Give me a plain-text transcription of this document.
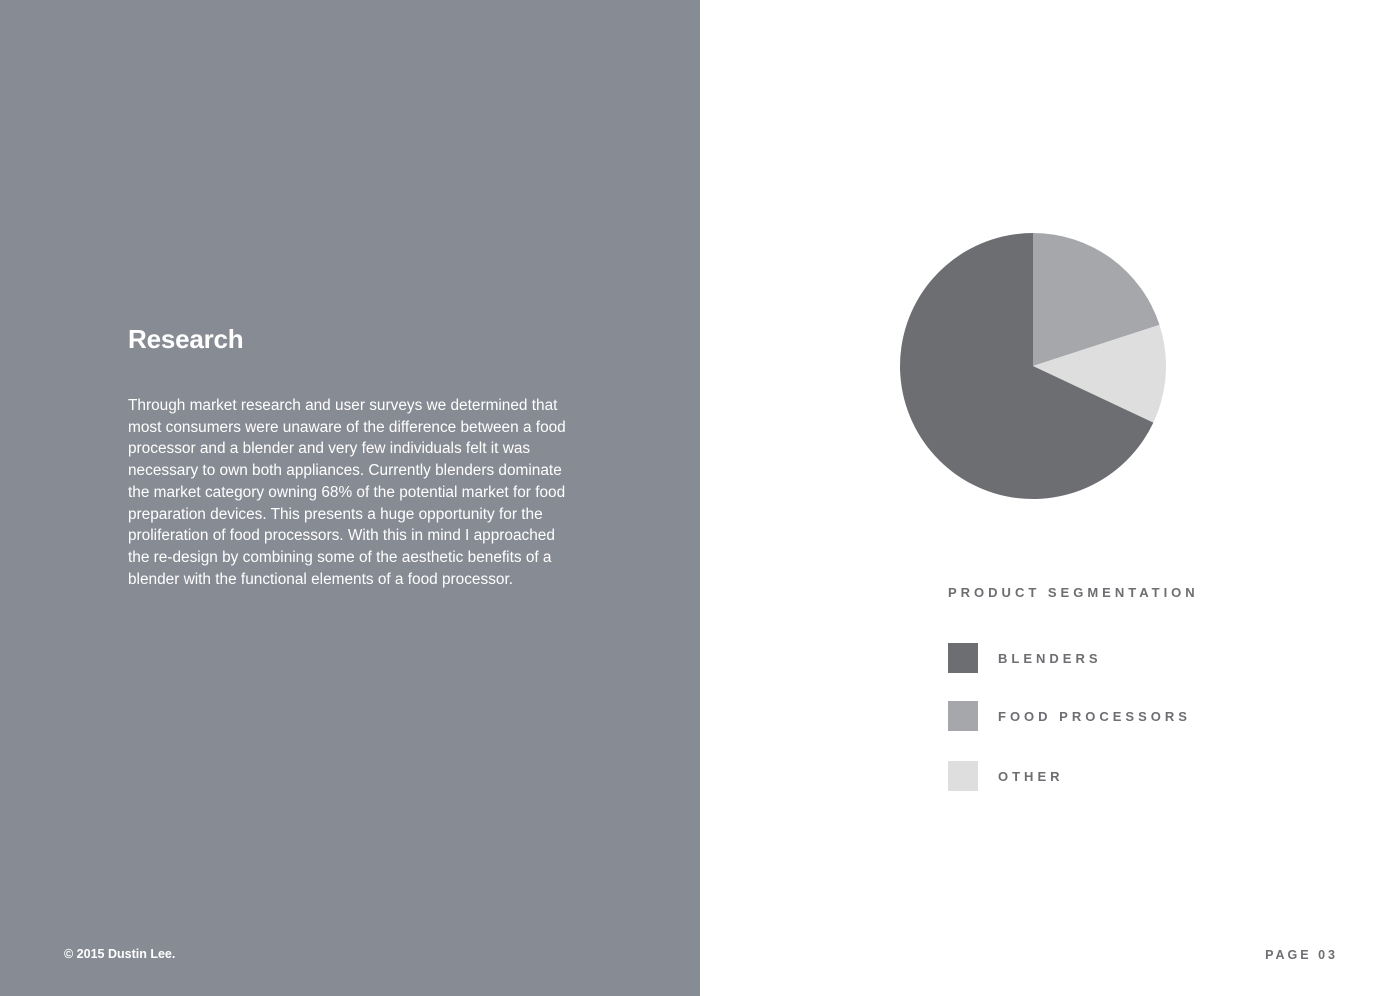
Research

Through market research and user surveys we determined that most consumers were unaware of the difference between a food processor and a blender and very few individuals felt it was necessary to own both appliances. Currently blenders dominate the market category owning 68% of the potential market for food preparation devices. This presents a huge opportunity for the proliferation of food processors. With this in mind I approached the re-design by combining some of the aesthetic benefits of a blender with the functional elements of a food processor.

© 2015 Dustin Lee.
PRODUCT SEGMENTATION
BLENDERS
FOOD PROCESSORS
OTHER
PAGE 03
